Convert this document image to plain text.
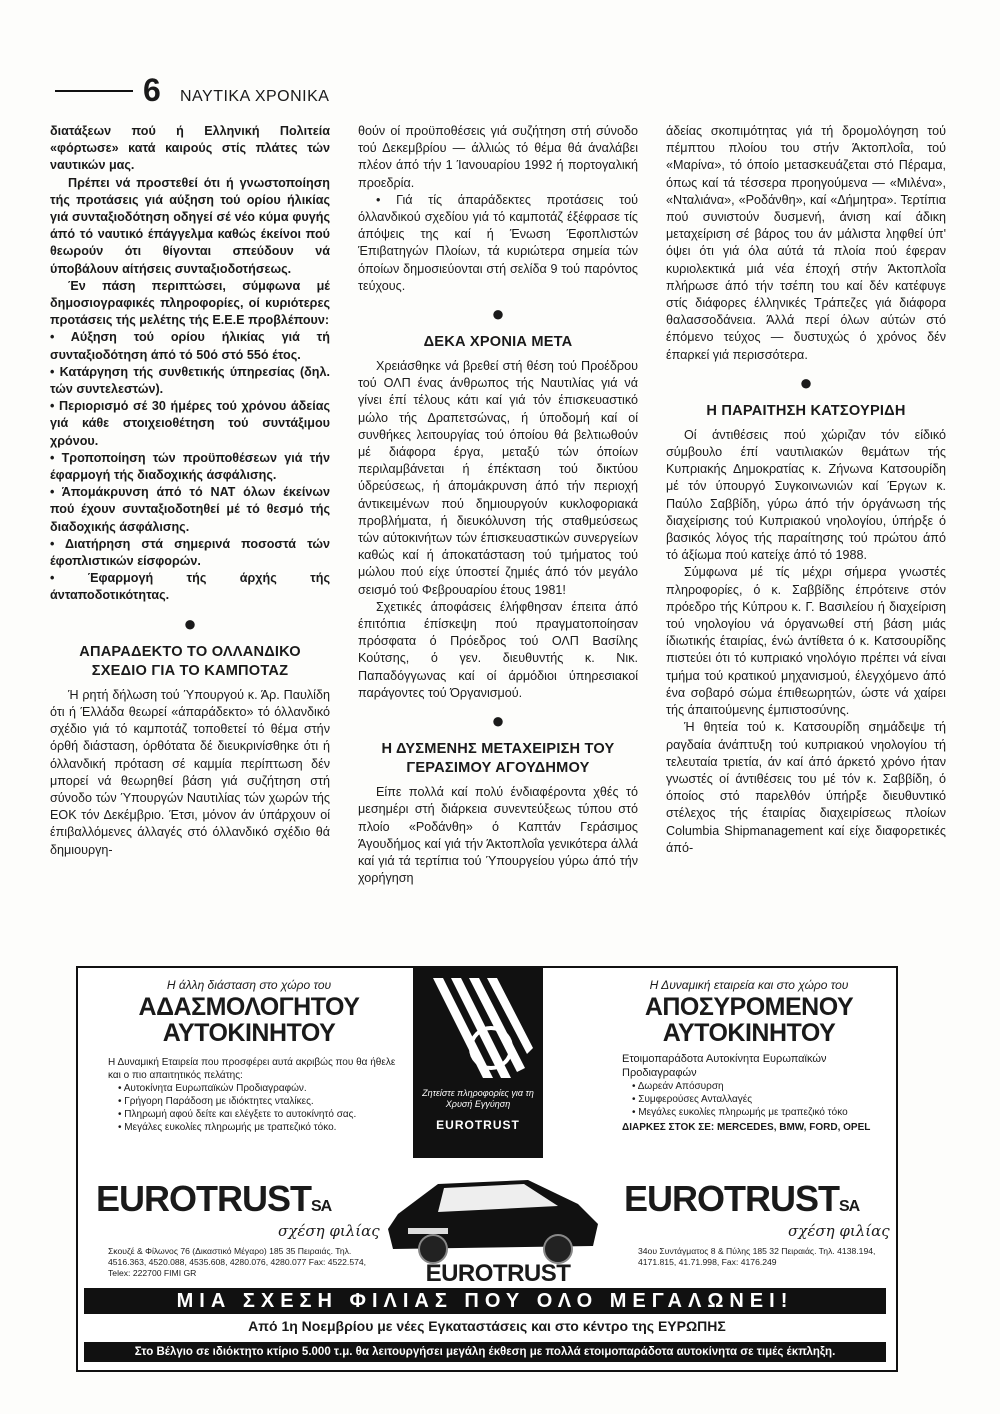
6 ΝΑΥΤΙΚΑ ΧΡΟΝΙΚΑ

διατάξεων πού ή Ελληνική Πολιτεία «φόρτωσε» κατά καιρούς στίς πλάτες τών ναυτικών μας.

Πρέπει νά προστεθεί ότι ή γνωστοποίηση τής προτάσεις γιά αύξηση τού ορίου ήλικίας γιά συνταξιοδότηση οδηγεί σέ νέο κύμα φυγής άπό τό ναυτικό έπάγγελμα καθώς έκείνοι πού θεωρούν ότι θίγονται σπεύδουν νά ύποβάλουν αίτήσεις συνταξιοδοτήσεως.

Έν πάση περιπτώσει, σύμφωνα μέ δημοσιογραφικές πληροφορίες, οί κυριότερες προτάσεις τής μελέτης τής Ε.Ε.Ε προβλέπουν:

• Αύξηση τού ορίου ήλικίας γιά τή συνταξιοδότηση άπό τό 50ό στό 55ό έτος.

• Κατάργηση τής συνθετικής ύπηρεσίας (δηλ. τών συντελεστών).

• Περιορισμό σέ 30 ήμέρες τού χρόνου άδείας γιά κάθε στοιχειοθέτηση τού συντάξιμου χρόνου.

• Τροποποίηση τών προϋποθέσεων γιά τήν έφαρμογή τής διαδοχικής άσφάλισης.

• Άπομάκρυνση άπό τό ΝΑΤ όλων έκείνων πού έχουν συνταξιοδοτηθεί μέ τό θεσμό τής διαδοχικής άσφάλισης.

• Διατήρηση στά σημερινά ποσοστά τών έφοπλιστικών είσφορών.

• Έφαρμογή τής άρχής τής άνταποδοτικότητας.

●
ΑΠΑΡΑΔΕΚΤΟ ΤΟ ΟΛΛΑΝΔΙΚΟ ΣΧΕΔΙΟ ΓΙΑ ΤΟ ΚΑΜΠΟΤΑΖ

Ή ρητή δήλωση τού Ύπουργού κ. Άρ. Παυλίδη ότι ή Έλλάδα θεωρεί «άπαράδεκτο» τό όλλανδικό σχέδιο γιά τό καμποτάζ τοποθετεί τό θέμα στήν όρθή διάσταση, όρθότατα δέ διευκρινίσθηκε ότι ή όλλανδική πρόταση σέ καμμία περίπτωση δέν μπορεί νά θεωρηθεί βάση γιά συζήτηση στή σύνοδο τών Ύπουργών Ναυτιλίας τών χωρών τής ΕΟΚ τόν Δεκέμβριο. Έτσι, μόνον άν ύπάρχουν οί έπιβαλλόμενες άλλαγές στό όλλανδικό σχέδιο θά δημιουργη-

θούν οί προϋποθέσεις γιά συζήτηση στή σύνοδο τού Δεκεμβρίου — άλλιώς τό θέμα θά άναλάβει πλέον άπό τήν 1 Ίανουαρίου 1992 ή πορτογαλική προεδρία.

• Γιά τίς άπαράδεκτες προτάσεις τού όλλανδικού σχεδίου γιά τό καμποτάζ έξέφρασε τίς άπόψεις της καί ή Ένωση Έφοπλιστών Έπιβατηγών Πλοίων, τά κυριώτερα σημεία τών όποίων δημοσιεύονται στή σελίδα 9 τού παρόντος τεύχους.

●
ΔΕΚΑ ΧΡΟΝΙΑ ΜΕΤΑ

Χρειάσθηκε νά βρεθεί στή θέση τού Προέδρου τού ΟΛΠ ένας άνθρωπος τής Ναυτιλίας γιά νά γίνει έπί τέλους κάτι καί γιά τόν έπισκευαστικό μώλο τής Δραπετσώνας, ή ύποδομή καί οί συνθήκες λειτουργίας τού όποίου θά βελτιωθούν μέ διάφορα έργα, μεταξύ τών όποίων περιλαμβάνεται ή έπέκταση τού δικτύου ύδρεύσεως, ή άπομάκρυνση άπό τήν περιοχή άντικειμένων πού δημιουργούν κυκλοφοριακά προβλήματα, ή διευκόλυνση τής σταθμεύσεως τών αύτοκινήτων τών έπισκευαστικών συνεργείων καθώς καί ή άποκατάσταση τού τμήματος τού μώλου πού είχε ύποστεί ζημιές άπό τόν μεγάλο σεισμό τού Φεβρουαρίου έτους 1981!

Σχετικές άποφάσεις έλήφθησαν έπειτα άπό έπιτόπια έπίσκεψη πού πραγματοποίησαν πρόσφατα ό Πρόεδρος τού ΟΛΠ Βασίλης Κούτσης, ό γεν. διευθυντής κ. Νικ. Παπαδόγγωνας καί οί άρμόδιοι ύπηρεσιακοί παράγοντες τού Όργανισμού.

●
Η ΔΥΣΜΕΝΗΣ ΜΕΤΑΧΕΙΡΙΣΗ ΤΟΥ ΓΕΡΑΣΙΜΟΥ ΑΓΟΥΔΗΜΟΥ

Είπε πολλά καί πολύ ένδιαφέροντα χθές τό μεσημέρι στή διάρκεια συνεντεύξεως τύπου στό πλοίο «Ροδάνθη» ό Καπτάν Γεράσιμος Άγουδήμος καί γιά τήν Άκτοπλοΐα γενικότερα άλλά καί γιά τά τερτίπια τού Ύπουργείου γύρω άπό τήν χορήγηση

άδείας σκοπιμότητας γιά τή δρομολόγηση τού πέμπτου πλοίου του στήν Άκτοπλοΐα, τού «Μαρίνα», τό όποίο μετασκευάζεται στό Πέραμα, όπως καί τά τέσσερα προηγούμενα — «Μιλένα», «Νταλιάνα», «Ροδάνθη», καί «Δήμητρα». Τερτίπια πού συνιστούν δυσμενή, άνιση καί άδικη μεταχείριση σέ βάρος του άν μάλιστα ληφθεί ύπ' όψει ότι γιά όλα αύτά τά πλοία πού έφεραν κυριολεκτικά μιά νέα έποχή στήν Άκτοπλοΐα πλήρωσε άπό τήν τσέπη του καί δέν κατέφυγε στίς διάφορες έλληνικές Τράπεζες γιά διάφορα θαλασσοδάνεια. Άλλά περί όλων αύτών στό έπόμενο τεύχος — δυστυχώς ό χρόνος δέν έπαρκεί γιά περισσότερα.

●
Η ΠΑΡΑΙΤΗΣΗ ΚΑΤΣΟΥΡΙΔΗ

Οί άντιθέσεις πού χώριζαν τόν είδικό σύμβουλο έπί ναυτιλιακών θεμάτων τής Κυπριακής Δημοκρατίας κ. Ζήνωνα Κατσουρίδη μέ τόν ύπουργό Συγκοινωνιών καί Έργων κ. Παύλο Σαββίδη, γύρω άπό τήν όργάνωση τής διαχείρισης τού Κυπριακού νηολογίου, ύπήρξε ό βασικός λόγος τής παραίτησης τού πρώτου άπό τό άξίωμα πού κατείχε άπό τό 1988.

Σύμφωνα μέ τίς μέχρι σήμερα γνωστές πληροφορίες, ό κ. Σαββίδης έπρότεινε στόν πρόεδρο τής Κύπρου κ. Γ. Βασιλείου ή διαχείριση τού νηολογίου νά όργανωθεί στή βάση μιάς ίδιωτικής έταιρίας, ένώ άντίθετα ό κ. Κατσουρίδης πιστεύει ότι τό κυπριακό νηολόγιο πρέπει νά είναι τμήμα τού κρατικού μηχανισμού, έλεγχόμενο άπό ένα σοβαρό σώμα έπιθεωρητών, ώστε νά χαίρει τής άπαιτούμενης έμπιστοσύνης.

Ή θητεία τού κ. Κατσουρίδη σημάδεψε τή ραγδαία άνάπτυξη τού κυπριακού νηολογίου τή τελευταία τριετία, άν καί άπό άρκετό χρόνο ήταν γνωστές οί άντιθέσεις του μέ τόν κ. Σαββίδη, ό όποίος στό παρελθόν ύπήρξε διευθυντικό στέλεχος τής έταιρίας διαχειρίσεως πλοίων Columbia Shipmanagement καί είχε διαφορετικές άπό-

Η άλλη διάσταση στο χώρο του
ΑΔΑΣΜΟΛΟΓΗΤΟΥ ΑΥΤΟΚΙΝΗΤΟΥ
Η Δυναμική Εταιρεία που προσφέρει αυτά ακριβώς που θα ήθελε και ο πιο απαιτητικός πελάτης:
• Αυτοκίνητα Ευρωπαϊκών Προδιαγραφών.
• Γρήγορη Παράδοση με ιδιόκτητες νταλίκες.
• Πληρωμή αφού δείτε και ελέγξετε το αυτοκίνητό σας.
• Μεγάλες ευκολίες πληρωμής με τραπεζικό τόκο.
Η Δυναμική εταιρεία και στο χώρο του
ΑΠΟΣΥΡΟΜΕΝΟΥ ΑΥΤΟΚΙΝΗΤΟΥ
Ετοιμοπαράδοτα Αυτοκίνητα Ευρωπαϊκών Προδιαγραφών
• Δωρεάν Απόσυρση
• Συμφερούσες Ανταλλαγές
• Μεγάλες ευκολίες πληρωμής με τραπεζικό τόκο
ΔΙΑΡΚΕΣ ΣΤΟΚ ΣΕ: MERCEDES, BMW, FORD, OPEL
Ζητείστε πληροφορίες για τη Χρυσή Εγγύηση
EUROTRUST
EUROTRUSTSA
σχέση φιλίας
Σκουζέ & Φίλωνος 76 (Δικαστικό Μέγαρο) 185 35 Πειραιάς. Τηλ. 4516.363, 4520.088, 4535.608, 4280.076, 4280.077 Fax: 4522.574, Telex: 222700 FIMI GR
EUROTRUSTSA
σχέση φιλίας
34ου Συντάγματος 8 & Πύλης 185 32 Πειραιάς. Τηλ. 4138.194, 4171.815, 41.71.998, Fax: 4176.249
EUROTRUST
ΜΙΑ ΣΧΕΣΗ ΦΙΛΙΑΣ ΠΟΥ ΟΛΟ ΜΕΓΑΛΩΝΕΙ!
Από 1η Νοεμβρίου με νέες Εγκαταστάσεις και στο κέντρο της ΕΥΡΩΠΗΣ
Στο Βέλγιο σε ιδιόκτητο κτίριο 5.000 τ.μ. θα λειτουργήσει μεγάλη έκθεση με πολλά ετοιμοπαράδοτα αυτοκίνητα σε τιμές έκπληξη.
